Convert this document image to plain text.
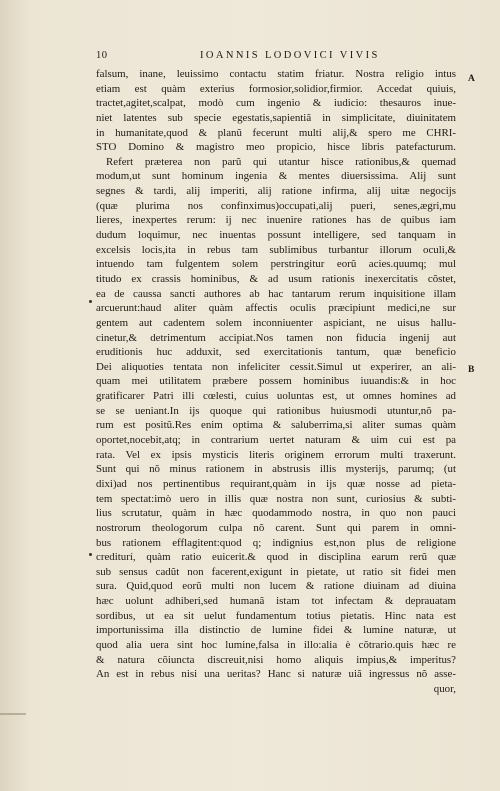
10	IOANNIS LODOVICI VIVIS
A
B
falsum, inane, leuissimo contactu statim friatur. Nostra religio intus
etiam est quàm exterius formosior,solidior,firmior. Accedat quiuis,
tractet,agitet,scalpat, modò cum ingenio & iudicio: thesauros inue-
niet latentes sub specie egestatis,sapientiã in simplicitate, diuinitatem
in humanitate,quod & planũ fecerunt multi alij,& spero me CHRI-
STO Domino & magistro meo propicio, hisce libris patefacturum.
Refert præterea non parũ qui utantur hisce rationibus,& quemad
modum,ut sunt hominum ingenia & mentes diuersissima. Alij sunt
segnes & tardi, alij imperiti, alij ratione infirma, alij uitæ negocijs
(quæ plurima nos confinximus)occupati,alij pueri, senes,ægri,mu
lieres, inexpertes rerum: ij nec inuenire rationes has de quibus iam
dudum loquimur, nec inuentas possunt intelligere, sed tanquam in
excelsis locis,ita in rebus tam sublimibus turbantur illorum oculi,&
intuendo tam fulgentem solem perstringitur eorũ acies.quumq; mul
titudo ex crassis hominibus, & ad usum rationis inexercitatis cõstet,
ea de caussa sancti authores ab hac tantarum rerum inquisitione illam
arcuerunt:haud aliter quàm affectis oculis præcipiunt medici,ne sur
gentem aut cadentem solem inconniuenter aspiciant, ne uisus hallu-
cinetur,& detrimentum accipiat.Nos tamen non fiducia ingenij aut
eruditionis huc adduxit, sed exercitationis tantum, quæ beneficio
Dei aliquoties tentata non infeliciter cessit.Simul ut experirer, an ali-
quam mei utilitatem præbere possem hominibus iuuandis:& in hoc
gratificarer Patri illi cœlesti, cuius uoluntas est, ut omnes homines ad
se se ueniant.In ijs quoque qui rationibus huiusmodi utuntur,nõ pa-
rum est positũ.Res enim optima & saluberrima,si aliter sumas quàm
oportet,nocebit,atq; in contrarium uertet naturam & uim cui est pa
rata. Vel ex ipsis mysticis literis originem errorum multi traxerunt.
Sunt qui nõ minus rationem in abstrusis illis mysterijs, parumq; (ut
dixi)ad nos pertinentibus requirant,quàm in ijs quæ nosse ad pieta-
tem spectat:imò uero in illis quæ nostra non sunt, curiosius & subti-
lius scrutatur, quàm in hæc quodammodo nostra, in quo non pauci
nostrorum theologorum culpa nõ carent. Sunt qui parem in omni-
bus rationem efflagitent:quod q; indignius est,non plus de religione
crediturí, quàm ratio euicerit.& quod in disciplina earum rerũ quæ
sub sensus cadũt non facerent,exigunt in pietate, ut ratio sit fidei men
sura. Quid,quod eorũ multi non lucem & ratione diuinam ad diuina
hæc uolunt adhiberi,sed humanã istam tot infectam & deprauatam
sordibus, ut ea sit uelut fundamentum totius pietatis. Hinc nata est
importunissima illa distinctio de lumine fidei & lumine naturæ, ut
quod alia uera sint hoc lumine,falsa in illo:alia è cõtrario.quis hæc re
& natura cõiuncta discreuit,nisi homo aliquis impius,& imperitus?
An est in rebus nisi una ueritas? Hanc si naturæ uiã ingressus nõ asse-
quor,
